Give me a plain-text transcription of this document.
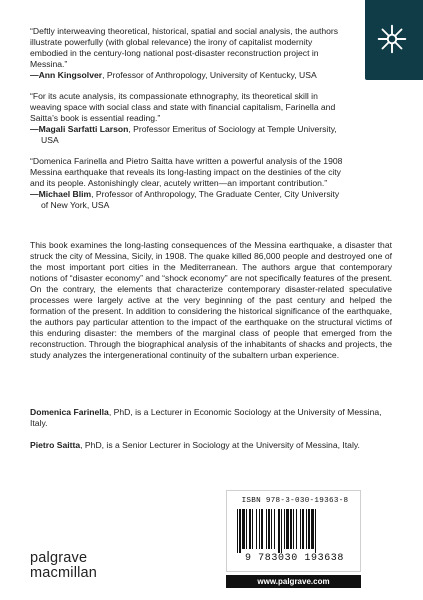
“Deftly interweaving theoretical, historical, spatial and social analysis, the authors illustrate powerfully (with global relevance) the irony of capitalist modernity embodied in the century-long national post-disaster reconstruction project in Messina.”
—Ann Kingsolver, Professor of Anthropology, University of Kentucky, USA
“For its acute analysis, its compassionate ethnography, its theoretical skill in weaving space with social class and state with financial capitalism, Farinella and Saitta’s book is essential reading.”
—Magali Sarfatti Larson, Professor Emeritus of Sociology at Temple University, USA
“Domenica Farinella and Pietro Saitta have written a powerful analysis of the 1908 Messina earthquake that reveals its long-lasting impact on the destinies of the city and its people. Astonishingly clear, acutely written—an important contribution.”
—Michael Blim, Professor of Anthropology, The Graduate Center, City University of New York, USA

This book examines the long-lasting consequences of the Messina earthquake, a disaster that struck the city of Messina, Sicily, in 1908. The quake killed 86,000 people and destroyed one of the most important port cities in the Mediterranean. The authors argue that contemporary notions of “disaster economy” and “shock economy” are not specifically features of the present. On the contrary, the elements that characterize contemporary disaster-related speculative processes were largely active at the very beginning of the past century and helped the formation of the present. In addition to considering the historical significance of the earthquake, the authors pay particular attention to the impact of the earthquake on the structural victims of this enduring disaster: the members of the marginal class of people that emerged from the reconstruction. Through the biographical analysis of the inhabitants of shacks and projects, the study analyzes the intergenerational continuity of the subaltern urban experience.

Domenica Farinella, PhD, is a Lecturer in Economic Sociology at the University of Messina, Italy.

Pietro Saitta, PhD, is a Senior Lecturer in Sociology at the University of Messina, Italy.

palgrave
macmillan
ISBN 978-3-030-19363-8
9 783030 193638
www.palgrave.com
